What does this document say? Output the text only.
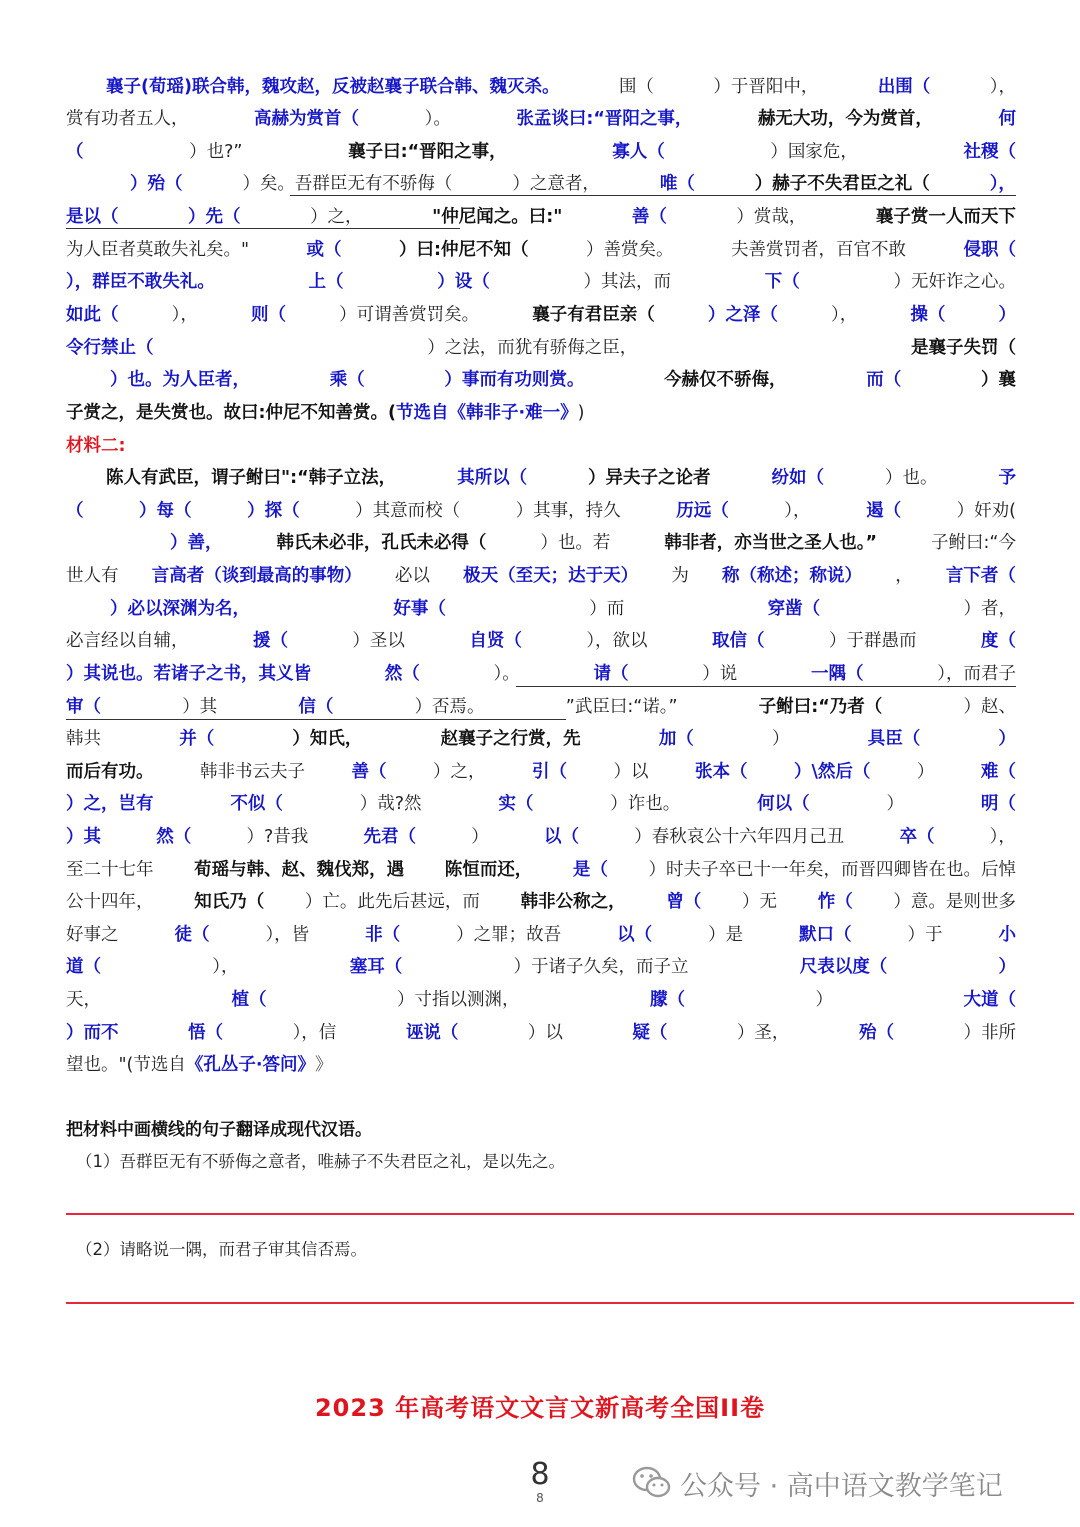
襄子(荀瑶)联合韩，魏攻赵，反被赵襄子联合韩、魏灭杀。	围（	）于晋阳中，	出围（	），
赏有功者五人，	高赫为赏首（	）。	张孟谈曰:“晋阳之事，	赫无大功，今为赏首，	何
（	）也?”	襄子曰:“晋阳之事，	寡人（	）国家危，	社稷（
）殆（	）矣。吾群臣无有不骄侮（	）之意者，	唯（	）赫子不失君臣之礼（	），
是以（	）先（	）之，	"仲尼闻之。曰:"	善（	）赏哉，	襄子赏一人而天下
为人臣者莫敢失礼矣。"	或（	）曰:仲尼不知（	）善赏矣。	夫善赏罚者，百官不敢	侵职（
），群臣不敢失礼。	上（	）设（	）其法，而	下（	）无奸诈之心。
如此（	），	则（	）可谓善赏罚矣。	襄子有君臣亲（	）之泽（	），	操（	）
令行禁止（	）之法，而犹有骄侮之臣，	是襄子失罚（
）也。为人臣者，	乘（	）事而有功则赏。	今赫仅不骄侮，	而（	）襄
子赏之，是失赏也。故曰:仲尼不知善赏。( 节选自《韩非子·难一》 )
材料二:
陈人有武臣，谓子鲋曰":“韩子立法，	其所以（	）异夫子之论者	纷如（	）也。	予
（	）每（	）探（	）其意而校（	）其事，持久	历远（	），	遏（	）奸劝(
）善，	韩氏未必非，孔氏未必得（	）也。若	韩非者，亦当世之圣人也。”	子鲋曰:“今
世人有 言高者（谈到最高的事物） 必以 极天（至天；达于天） 为 称（称述；称说） ， 言下者（
）必以深渊为名，	好事（	）而	穿凿（	）者，
必言经以自辅，	援（	）圣以	自贤（	），欲以	取信（	）于群愚而	度（
）其说也。若诸子之书，其义皆	然（	）。	请（	）说	一隅（	），而君子
审（	）其	信（	）否焉。	”武臣曰:“诺。”	子鲋曰:“乃者（	）赵、
韩共	并（	）知氏，	赵襄子之行赏，先	加（	）	具臣（	）
而后有功。	韩非书云夫子	善（	）之，	引（	）以	张本（	）\然后（	）	难（
）之，岂有	不似（	）哉?然	实（	）诈也。	何以（	）	明（
）其	然（	）?昔我	先君（	）	以（	）春秋哀公十六年四月己丑	卒（	），
至二十七年 荀瑶与韩、赵、魏伐郑，遇 陈恒而还， 是（ ）时夫子卒已十一年矣，而晋四卿皆在也。后悼
公十四年， 知氏乃（ ）亡。此先后甚远，而 韩非公称之， 曾（ ）无 怍（ ）意。是则世多
好事之	徒（	），皆	非（	）之罪；故吾	以（	）是	默口（	）于	小
道（	），	塞耳（	）于诸子久矣，而子立	尺表以度（	）
天，	植（	）寸指以测渊，	朦（	）	大道（
）而不	悟（	），信	诬说（	）以	疑（	）圣，	殆（	）非所
望也。"(节选自 《孔丛子·答问》 》
把材料中画横线的句子翻译成现代汉语。
（1）吾群臣无有不骄侮之意者，唯赫子不失君臣之礼，是以先之。
（2）请略说一隅，而君子审其信否焉。
2023 年高考语文文言文新高考全国II卷
8
8	公众号 · 高中语文教学笔记
